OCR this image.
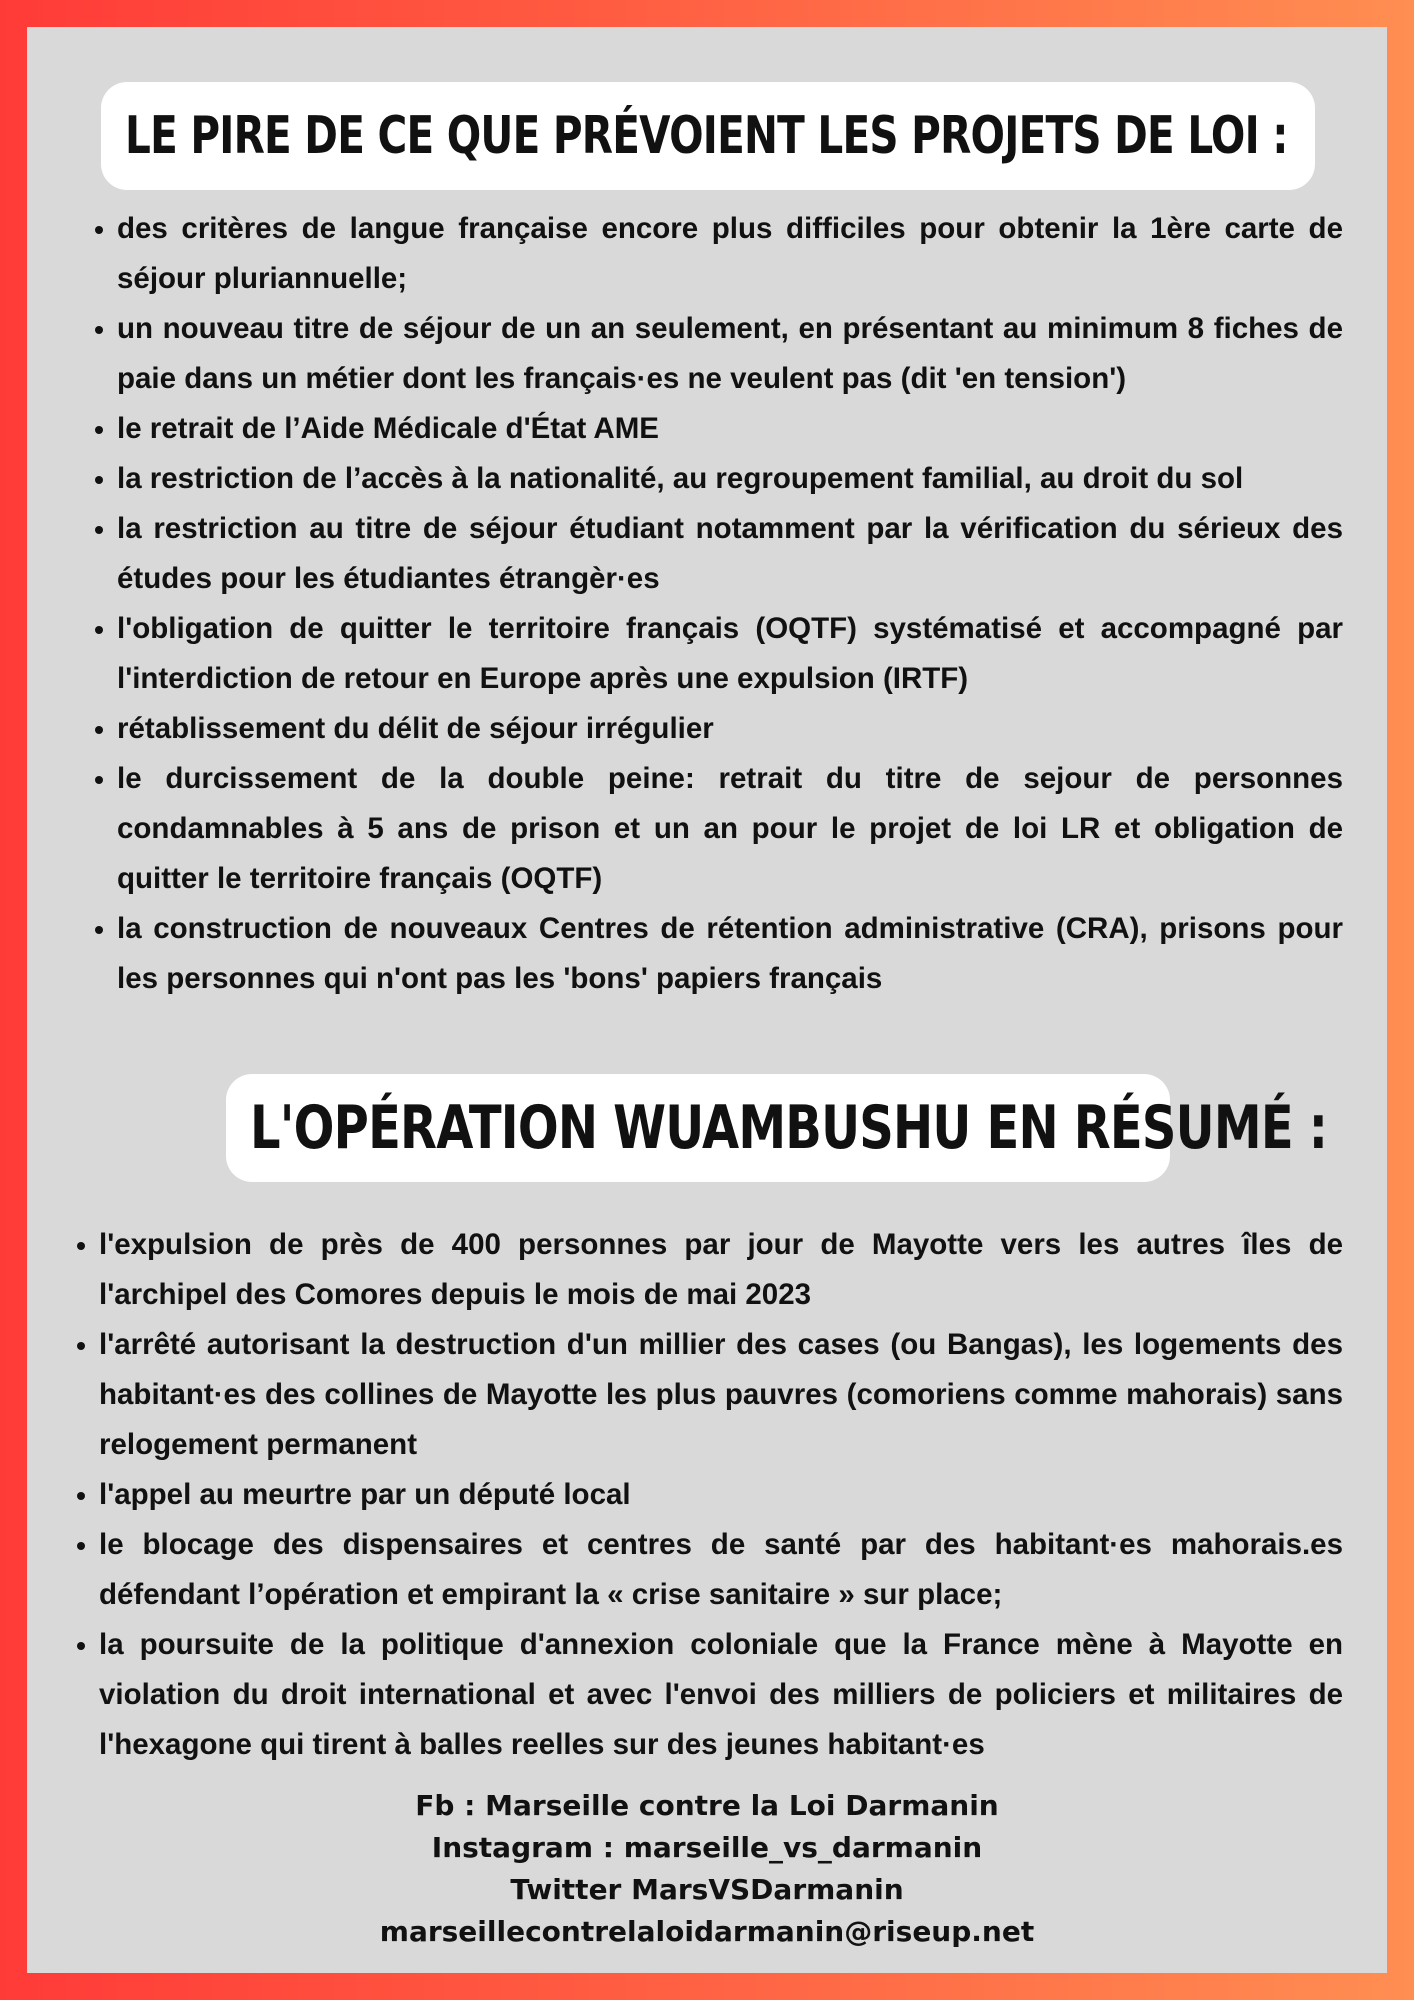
LE PIRE DE CE QUE PRÉVOIENT LES PROJETS DE LOI :
des critères de langue française encore plus difficiles pour obtenir la 1ère carte de séjour pluriannuelle;
un nouveau titre de séjour de un an seulement, en présentant au minimum 8 fiches de paie dans un métier dont les français·es ne veulent pas (dit 'en tension')
le retrait de l’Aide Médicale d'État AME
la restriction de l’accès à la nationalité, au regroupement familial, au droit du sol
la restriction au titre de séjour étudiant notamment par la vérification du sérieux des études pour les étudiantes étrangèr·es
l'obligation de quitter le territoire français (OQTF) systématisé et accompagné par l'interdiction de retour en Europe après une expulsion (IRTF)
rétablissement du délit de séjour irrégulier
le durcissement de la double peine: retrait du titre de sejour de personnes condamnables à 5 ans de prison et un an pour le projet de loi LR et obligation de quitter le territoire français (OQTF)
la construction de nouveaux Centres de rétention administrative (CRA), prisons pour les personnes qui n'ont pas les 'bons' papiers français
L'OPÉRATION WUAMBUSHU EN RÉSUMÉ :
l'expulsion de près de 400 personnes par jour de Mayotte vers les autres îles de l'archipel des Comores depuis le mois de mai 2023
l'arrêté autorisant la destruction d'un millier des cases (ou Bangas), les logements des habitant·es des collines de Mayotte les plus pauvres (comoriens comme mahorais) sans relogement permanent
l'appel au meurtre par un député local
le blocage des dispensaires et centres de santé par des habitant·es mahorais.es défendant l’opération et empirant la « crise sanitaire » sur place;
la poursuite de la politique d'annexion coloniale que la France mène à Mayotte en violation du droit international et avec l'envoi des milliers de policiers et militaires de l'hexagone qui tirent à balles reelles sur des jeunes habitant·es
Fb : Marseille contre la Loi Darmanin
Instagram : marseille_vs_darmanin
Twitter MarsVSDarmanin
marseillecontrelaloidarmanin@riseup.net
